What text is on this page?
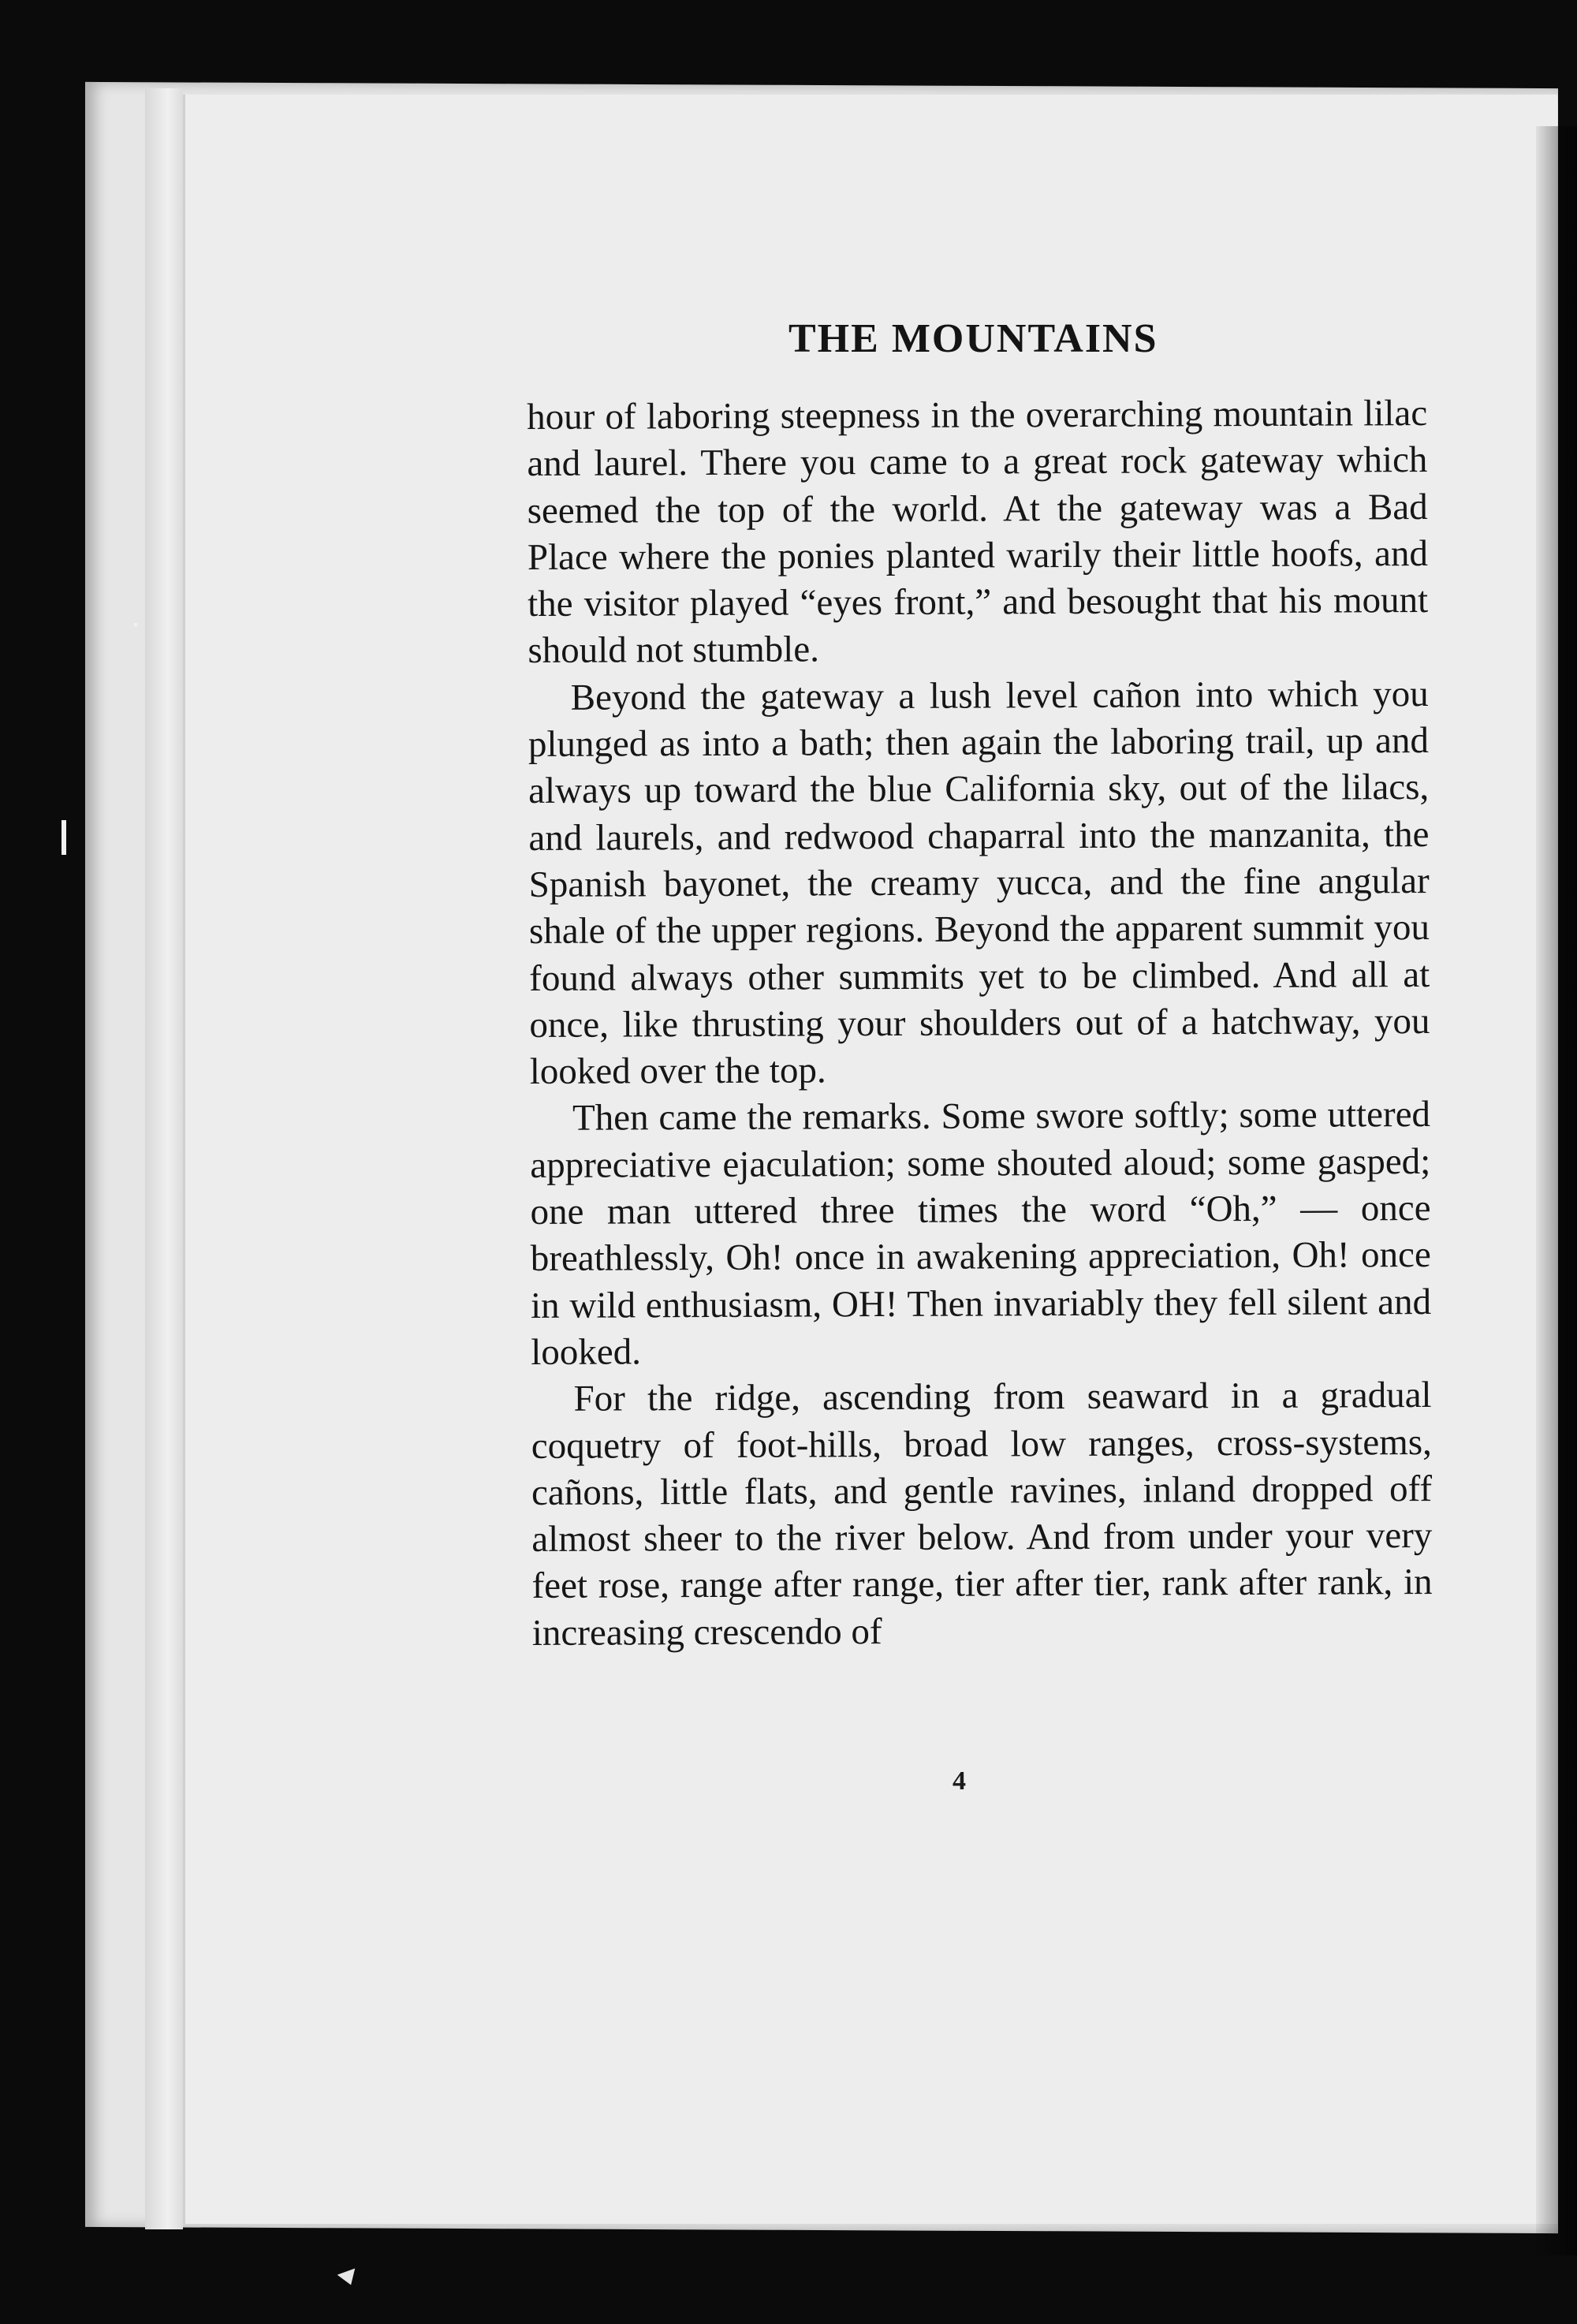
THE MOUNTAINS

hour of laboring steepness in the overarching mountain lilac and laurel. There you came to a great rock gateway which seemed the top of the world. At the gateway was a Bad Place where the ponies planted warily their little hoofs, and the visitor played “eyes front,” and besought that his mount should not stumble.

Beyond the gateway a lush level cañon into which you plunged as into a bath; then again the laboring trail, up and always up toward the blue California sky, out of the lilacs, and laurels, and redwood chaparral into the manzanita, the Spanish bayonet, the creamy yucca, and the fine angular shale of the upper regions. Beyond the apparent summit you found always other summits yet to be climbed. And all at once, like thrusting your shoulders out of a hatchway, you looked over the top.

Then came the remarks. Some swore softly; some uttered appreciative ejaculation; some shouted aloud; some gasped; one man uttered three times the word “Oh,” — once breathlessly, Oh! once in awakening appreciation, Oh! once in wild enthusiasm, OH! Then invariably they fell silent and looked.

For the ridge, ascending from seaward in a gradual coquetry of foot-hills, broad low ranges, cross-systems, cañons, little flats, and gentle ravines, inland dropped off almost sheer to the river below. And from under your very feet rose, range after range, tier after tier, rank after rank, in increasing crescendo of

4
